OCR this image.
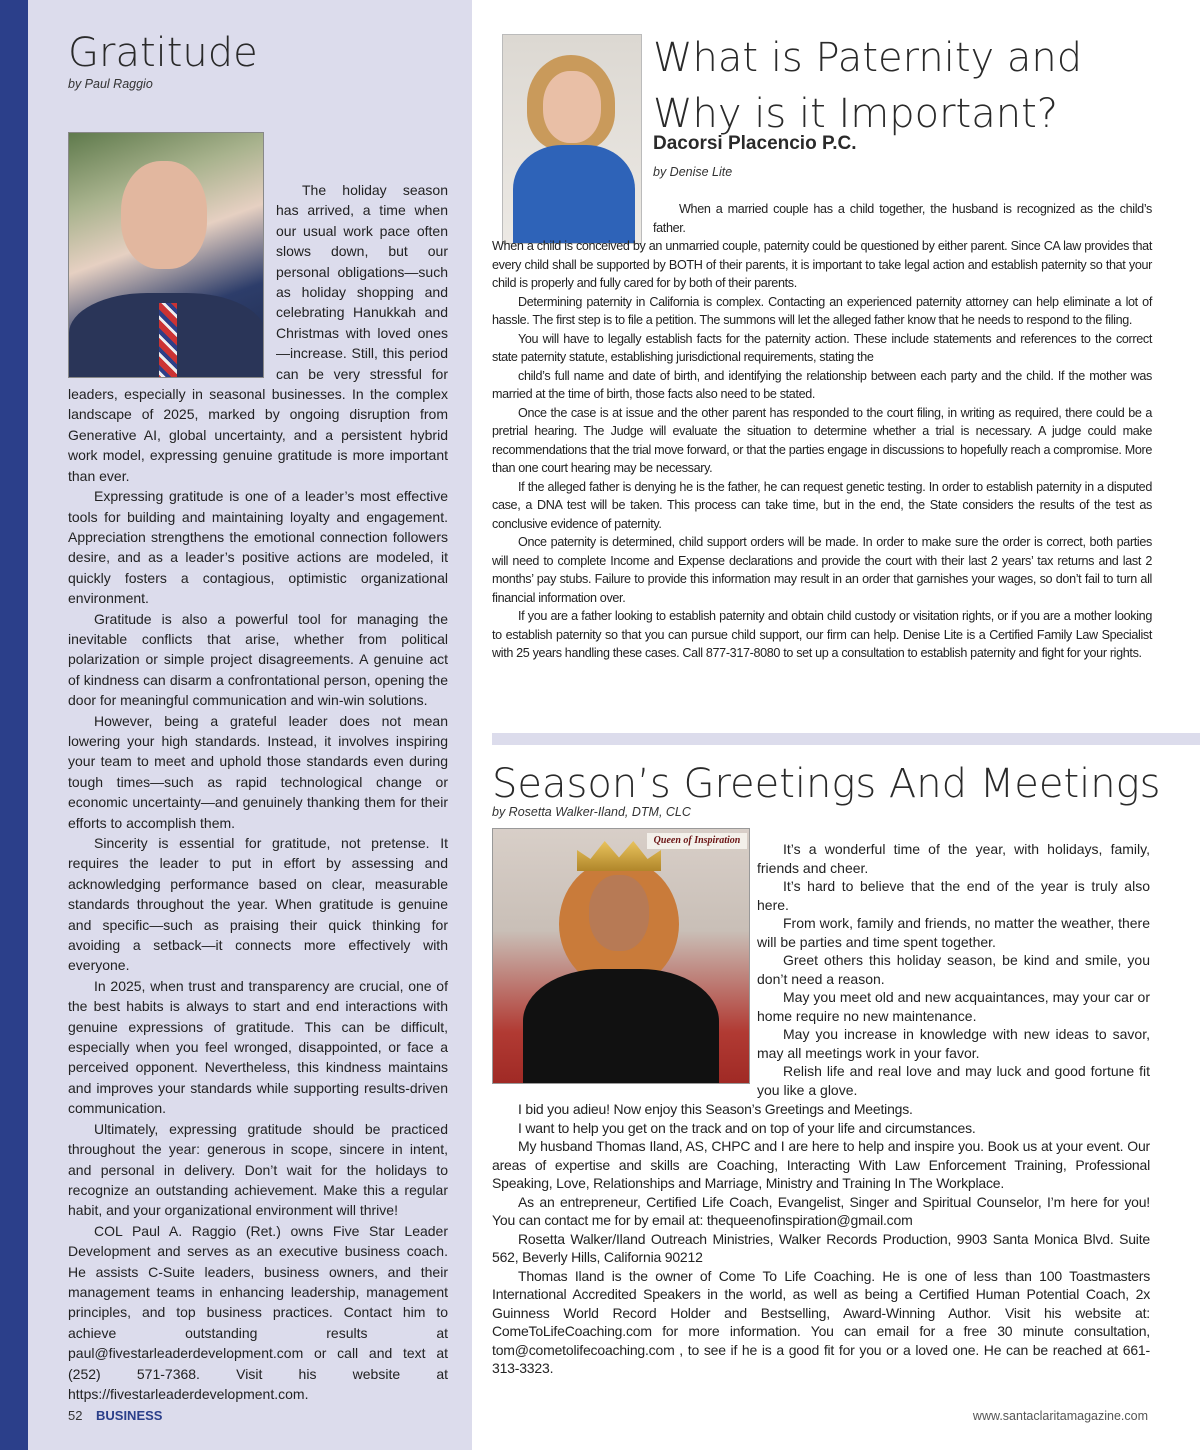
Gratitude
by Paul Raggio

The holiday season has arrived, a time when our usual work pace often slows down, but our personal obligations—such as holiday shopping and celebrating Hanukkah and Christmas with loved ones—increase. Still, this period can be very stressful for leaders, especially in seasonal businesses. In the complex landscape of 2025, marked by ongoing disruption from Generative AI, global uncertainty, and a persistent hybrid work model, expressing genuine gratitude is more important than ever.

Expressing gratitude is one of a leader’s most effective tools for building and maintaining loyalty and engagement. Appreciation strengthens the emotional connection followers desire, and as a leader’s positive actions are modeled, it quickly fosters a contagious, optimistic organizational environment.

Gratitude is also a powerful tool for managing the inevitable conflicts that arise, whether from political polarization or simple project disagreements. A genuine act of kindness can disarm a confrontational person, opening the door for meaningful communication and win-win solutions.

However, being a grateful leader does not mean lowering your high standards. Instead, it involves inspiring your team to meet and uphold those standards even during tough times—such as rapid technological change or economic uncertainty—and genuinely thanking them for their efforts to accomplish them.

Sincerity is essential for gratitude, not pretense. It requires the leader to put in effort by assessing and acknowledging performance based on clear, measurable standards throughout the year. When gratitude is genuine and specific—such as praising their quick thinking for avoiding a setback—it connects more effectively with everyone.

In 2025, when trust and transparency are crucial, one of the best habits is always to start and end interactions with genuine expressions of gratitude. This can be difficult, especially when you feel wronged, disappointed, or face a perceived opponent. Nevertheless, this kindness maintains and improves your standards while supporting results-driven communication.

Ultimately, expressing gratitude should be practiced throughout the year: generous in scope, sincere in intent, and personal in delivery. Don’t wait for the holidays to recognize an outstanding achievement. Make this a regular habit, and your organizational environment will thrive!

COL Paul A. Raggio (Ret.) owns Five Star Leader Development and serves as an executive business coach. He assists C-Suite leaders, business owners, and their management teams in enhancing leadership, management principles, and top business practices. Contact him to achieve outstanding results at paul@fivestarleaderdevelopment.com or call and text at (252) 571-7368. Visit his website at https://fivestarleaderdevelopment.com.

What is Paternity and Why is it Important?
Dacorsi Placencio P.C.
by Denise Lite

When a married couple has a child together, the husband is recognized as the child’s father.

When a child is conceived by an unmarried couple, paternity could be questioned by either parent. Since CA law provides that every child shall be supported by BOTH of their parents, it is important to take legal action and establish paternity so that your child is properly and fully cared for by both of their parents.

Determining paternity in California is complex. Contacting an experienced paternity attorney can help eliminate a lot of hassle. The first step is to file a petition. The summons will let the alleged father know that he needs to respond to the filing.

You will have to legally establish facts for the paternity action. These include statements and references to the correct state paternity statute, establishing jurisdictional requirements, stating the

child’s full name and date of birth, and identifying the relationship between each party and the child. If the mother was married at the time of birth, those facts also need to be stated.

Once the case is at issue and the other parent has responded to the court filing, in writing as required, there could be a pretrial hearing. The Judge will evaluate the situation to determine whether a trial is necessary. A judge could make recommendations that the trial move forward, or that the parties engage in discussions to hopefully reach a compromise. More than one court hearing may be necessary.

If the alleged father is denying he is the father, he can request genetic testing. In order to establish paternity in a disputed case, a DNA test will be taken. This process can take time, but in the end, the State considers the results of the test as conclusive evidence of paternity.

Once paternity is determined, child support orders will be made. In order to make sure the order is correct, both parties will need to complete Income and Expense declarations and provide the court with their last 2 years’ tax returns and last 2 months’ pay stubs. Failure to provide this information may result in an order that garnishes your wages, so don’t fail to turn all financial information over.

If you are a father looking to establish paternity and obtain child custody or visitation rights, or if you are a mother looking to establish paternity so that you can pursue child support, our firm can help. Denise Lite is a Certified Family Law Specialist with 25 years handling these cases. Call 877-317-8080 to set up a consultation to establish paternity and fight for your rights.

Season’s Greetings And Meetings
by Rosetta Walker-Iland, DTM, CLC
Queen of Inspiration

It’s a wonderful time of the year, with holidays, family, friends and cheer.

It’s hard to believe that the end of the year is truly also here.

From work, family and friends, no matter the weather, there will be parties and time spent together.

Greet others this holiday season, be kind and smile, you don’t need a reason.

May you meet old and new acquaintances, may your car or home require no new maintenance.

May you increase in knowledge with new ideas to savor, may all meetings work in your favor.

Relish life and real love and may luck and good fortune fit you like a glove.

I bid you adieu! Now enjoy this Season’s Greetings and Meetings.

I want to help you get on the track and on top of your life and circumstances.

My husband Thomas Iland, AS, CHPC and I are here to help and inspire you. Book us at your event. Our areas of expertise and skills are Coaching, Interacting With Law Enforcement Training, Professional Speaking, Love, Relationships and Marriage, Ministry and Training In The Workplace.

As an entrepreneur, Certified Life Coach, Evangelist, Singer and Spiritual Counselor, I’m here for you! You can contact me for by email at: thequeenofinspiration@gmail.com

Rosetta Walker/Iland Outreach Ministries, Walker Records Production, 9903 Santa Monica Blvd. Suite 562, Beverly Hills, California 90212

Thomas Iland is the owner of Come To Life Coaching. He is one of less than 100 Toastmasters International Accredited Speakers in the world, as well as being a Certified Human Potential Coach, 2x Guinness World Record Holder and Bestselling, Award-Winning Author. Visit his website at: ComeToLifeCoaching.com for more information. You can email for a free 30 minute consultation, tom@cometolifecoaching.com , to see if he is a good fit for you or a loved one. He can be reached at 661-313-3323.

52 BUSINESS	www.santaclaritamagazine.com
